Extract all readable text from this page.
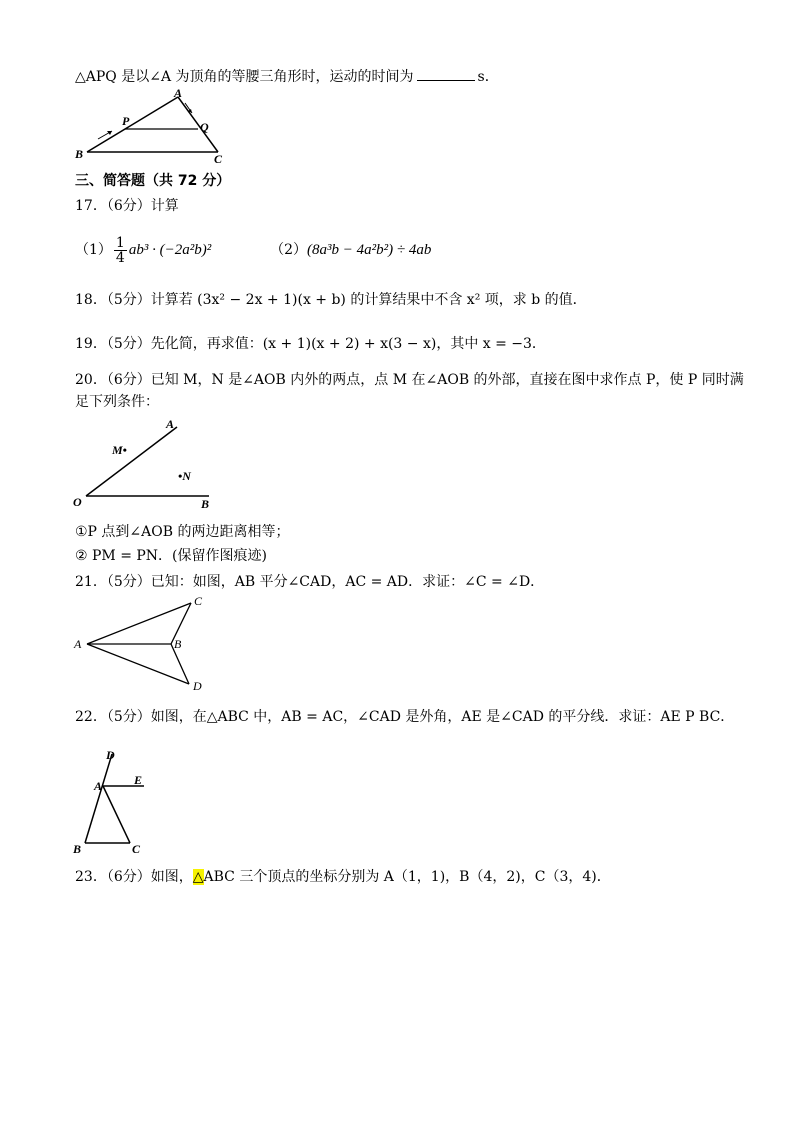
△APQ 是以∠A 为顶角的等腰三角形时，运动的时间为	s．
A
P	Q
B	C
三、简答题（共 72 分）
17．（6分）计算
$(1) \frac{1}{4} ab^3 \cdot (-2a^2b)^2$	（2）(8a³b − 4a²b²) ÷ 4ab
18．（5分）计算若 (3x² − 2x + 1)(x + b) 的计算结果中不含 x² 项，求 b 的值．
19．（5分）先化简，再求值：(x + 1)(x + 2) + x(3 − x)，其中 x = −3．
20．（6分）已知 M，N 是∠AOB 内外的两点，点 M 在∠AOB 的外部，直接在图中求作点 P，使 P 同时满
足下列条件：
A
M•
•N
O	B
①P 点到∠AOB 的两边距离相等；
② PM = PN．(保留作图痕迹)
21．（5分）已知：如图，AB 平分∠CAD，AC = AD．求证：∠C = ∠D．
C
A	B
D
22．（5分）如图，在△ABC 中，AB = AC，∠CAD 是外角，AE 是∠CAD 的平分线．求证：AE P BC．
D
A	E
B	C
23．（6分）如图，△ABC 三个顶点的坐标分别为 A（1，1)，B（4，2)，C（3，4)．
